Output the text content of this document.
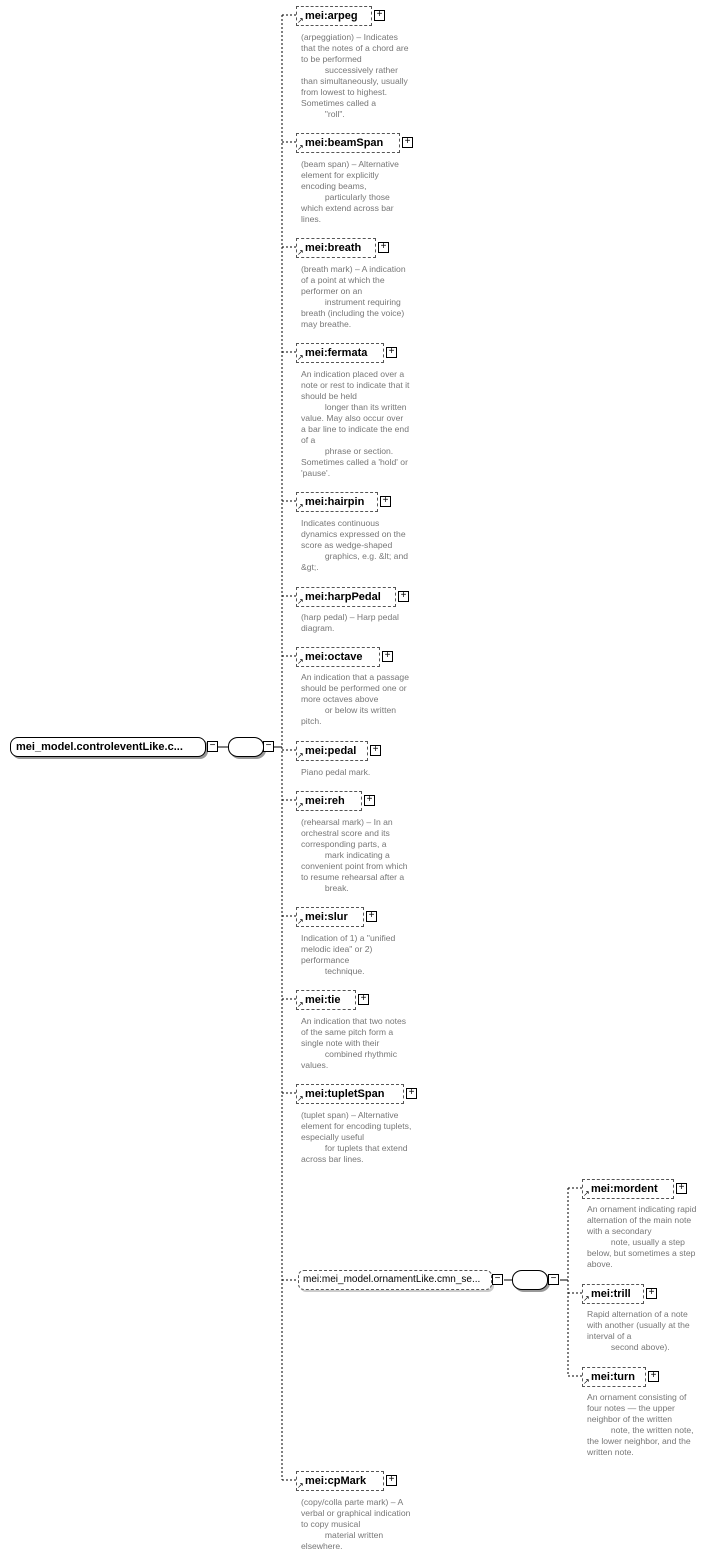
mei_model.controleventLike.c...	−	−
mei:arpeg
↗
+
(arpeggiation) – Indicates
that the notes of a chord are
to be performed
successively rather
than simultaneously, usually
from lowest to highest.
Sometimes called a
"roll".
mei:beamSpan
↗
+
(beam span) – Alternative
element for explicitly
encoding beams,
particularly those
which extend across bar
lines.
mei:breath
↗
+
(breath mark) – A indication
of a point at which the
performer on an
instrument requiring
breath (including the voice)
may breathe.
mei:fermata
↗
+
An indication placed over a
note or rest to indicate that it
should be held
longer than its written
value. May also occur over
a bar line to indicate the end
of a
phrase or section.
Sometimes called a 'hold' or
'pause'.
mei:hairpin
↗
+
Indicates continuous
dynamics expressed on the
score as wedge-shaped
graphics, e.g. &lt; and
&gt;.
mei:harpPedal
↗
+
(harp pedal) – Harp pedal
diagram.
mei:octave
↗
+
An indication that a passage
should be performed one or
more octaves above
or below its written
pitch.
mei:pedal
↗
+
Piano pedal mark.
mei:reh
↗
+
(rehearsal mark) – In an
orchestral score and its
corresponding parts, a
mark indicating a
convenient point from which
to resume rehearsal after a
break.
mei:slur
↗
+
Indication of 1) a "unified
melodic idea" or 2)
performance
technique.
mei:tie
↗
+
An indication that two notes
of the same pitch form a
single note with their
combined rhythmic
values.
mei:tupletSpan
↗
+
(tuplet span) – Alternative
element for encoding tuplets,
especially useful
for tuplets that extend
across bar lines.
mei:cpMark
↗
+
(copy/colla parte mark) – A
verbal or graphical indication
to copy musical
material written
elsewhere.
mei:mordent
↗
+
An ornament indicating rapid
alternation of the main note
with a secondary
note, usually a step
below, but sometimes a step
above.
mei:trill
↗
+
Rapid alternation of a note
with another (usually at the
interval of a
second above).
mei:turn
↗
+
An ornament consisting of
four notes — the upper
neighbor of the written
note, the written note,
the lower neighbor, and the
written note.
mei:mei_model.ornamentLike.cmn_se...	−	−
